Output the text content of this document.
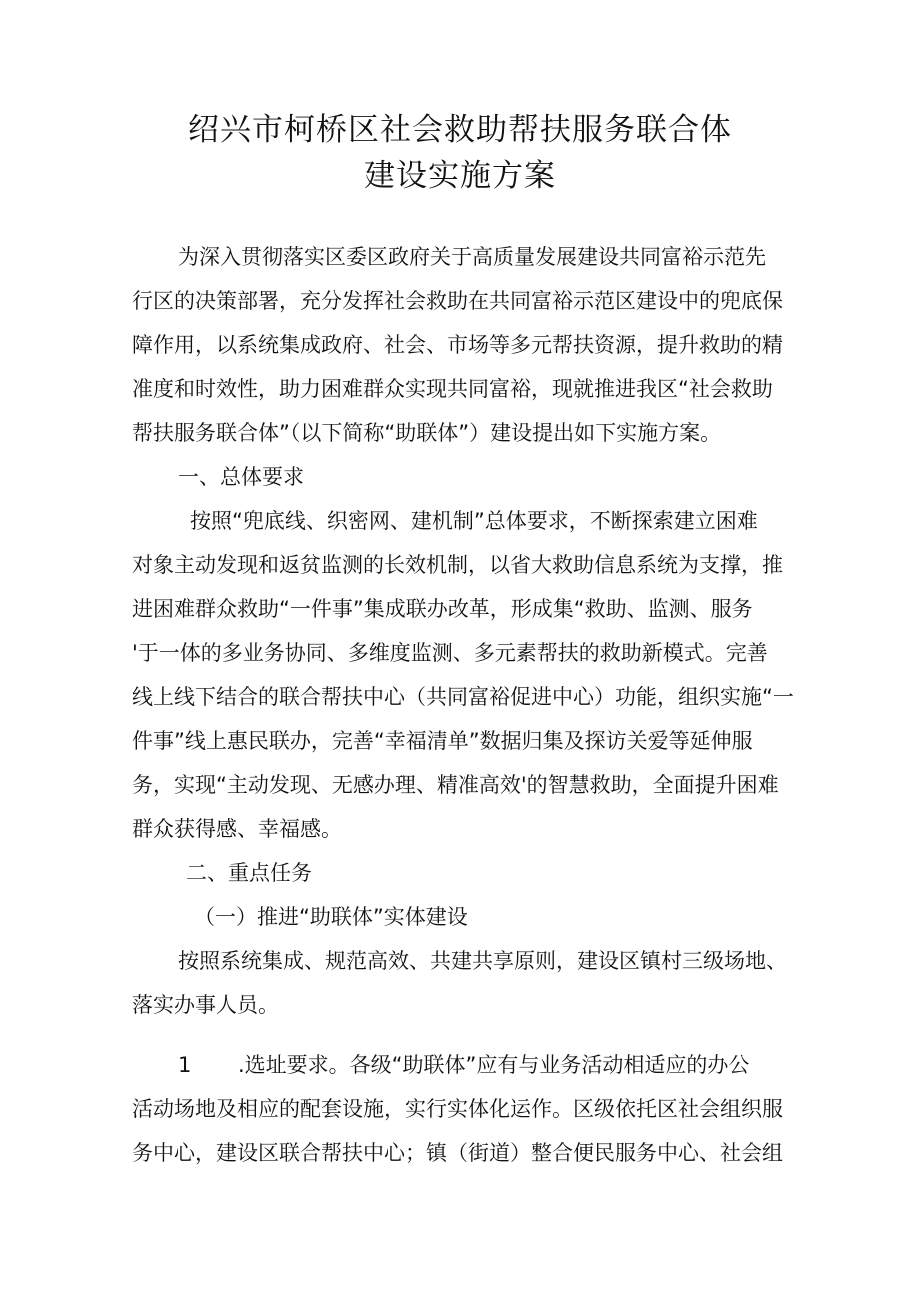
绍兴市柯桥区社会救助帮扶服务联合体
建设实施方案
为深入贯彻落实区委区政府关于高质量发展建设共同富裕示范先
行区的决策部署，充分发挥社会救助在共同富裕示范区建设中的兜底保
障作用，以系统集成政府、社会、市场等多元帮扶资源，提升救助的精
准度和时效性，助力困难群众实现共同富裕，现就推进我区“社会救助
帮扶服务联合体”（以下简称“助联体”）建设提出如下实施方案。
一、总体要求
按照“兜底线、织密网、建机制”总体要求，不断探索建立困难
对象主动发现和返贫监测的长效机制，以省大救助信息系统为支撑，推
进困难群众救助“一件事”集成联办改革，形成集“救助、监测、服务
'于一体的多业务协同、多维度监测、多元素帮扶的救助新模式。完善
线上线下结合的联合帮扶中心（共同富裕促进中心）功能，组织实施“一
件事”线上惠民联办，完善“幸福清单”数据归集及探访关爱等延伸服
务，实现“主动发现、无感办理、精准高效'的智慧救助，全面提升困难
群众获得感、幸福感。
二、重点任务
（一）推进“助联体”实体建设
按照系统集成、规范高效、共建共享原则，建设区镇村三级场地、
落实办事人员。
1 .选址要求。各级“助联体”应有与业务活动相适应的办公
活动场地及相应的配套设施，实行实体化运作。区级依托区社会组织服
务中心，建设区联合帮扶中心；镇（街道）整合便民服务中心、社会组
